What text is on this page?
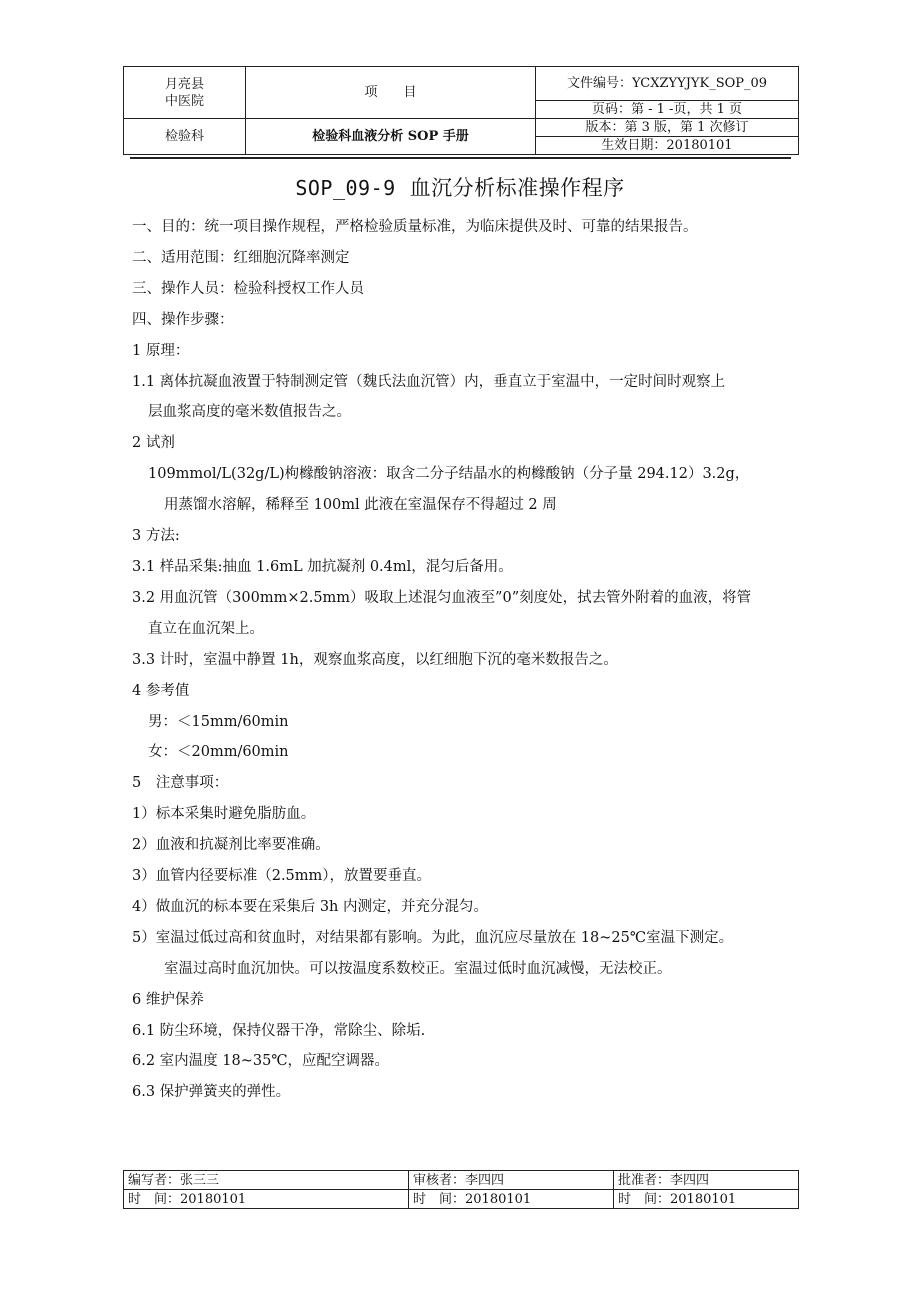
月亮县
中医院	项　　目	文件编号：YCXZYYJYK_SOP_09
		页码：第 - 1 -页，共 1 页
检验科	检验科血液分析 SOP 手册	版本：第 3 版，第 1 次修订
		生效日期：20180101
SOP_09-9 血沉分析标准操作程序

一、目的：统一项目操作规程，严格检验质量标准，为临床提供及时、可靠的结果报告。

二、适用范围：红细胞沉降率测定

三、操作人员：检验科授权工作人员

四、操作步骤：

1 原理：

1.1 离体抗凝血液置于特制测定管（魏氏法血沉管）内，垂直立于室温中，一定时间时观察上

层血浆高度的毫米数值报告之。

2 试剂

109mmol/L(32g/L)枸橼酸钠溶液：取含二分子结晶水的枸橼酸钠（分子量 294.12）3.2g，

用蒸馏水溶解，稀释至 100ml 此液在室温保存不得超过 2 周

3 方法:

3.1 样品采集:抽血 1.6mL 加抗凝剂 0.4ml，混匀后备用。

3.2 用血沉管（300mm×2.5mm）吸取上述混匀血液至”0”刻度处，拭去管外附着的血液，将管

直立在血沉架上。

3.3 计时，室温中静置 1h，观察血浆高度，以红细胞下沉的毫米数报告之。

4 参考值

男：＜15mm/60min

女：＜20mm/60min

5　注意事项：

1）标本采集时避免脂肪血。

2）血液和抗凝剂比率要准确。

3）血管内径要标准（2.5mm），放置要垂直。

4）做血沉的标本要在采集后 3h 内测定，并充分混匀。

5）室温过低过高和贫血时，对结果都有影响。为此，血沉应尽量放在 18~25℃室温下测定。

室温过高时血沉加快。可以按温度系数校正。室温过低时血沉减慢，无法校正。

6 维护保养

6.1 防尘环境，保持仪器干净，常除尘、除垢.

6.2 室内温度 18~35℃，应配空调器。

6.3 保护弹簧夹的弹性。

编写者：张三三	审核者：李四四	批准者：李四四
时　间：20180101	时　间：20180101	时　间：20180101
